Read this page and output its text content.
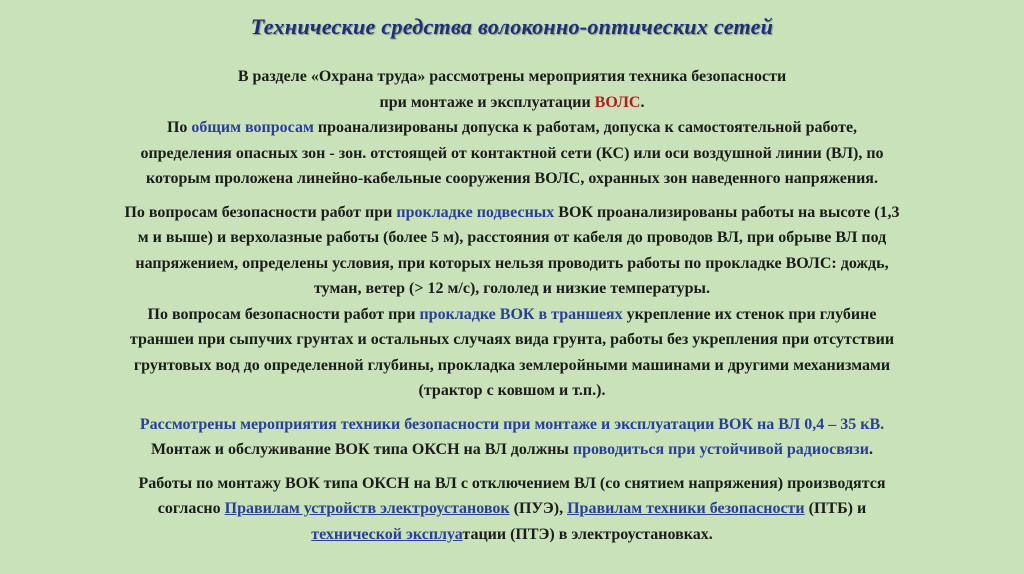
Технические средства волоконно-оптических сетей

В разделе «Охрана труда» рассмотрены мероприятия техника безопасности

при монтаже и эксплуатации ВОЛС.

По общим вопросам проанализированы допуска к работам, допуска к самостоятельной работе,

определения опасных зон - зон. отстоящей от контактной сети (КС) или оси воздушной линии (ВЛ), по

которым проложена линейно-кабельные сооружения ВОЛС, охранных зон наведенного напряжения.

По вопросам безопасности работ при прокладке подвесных ВОК проанализированы работы на высоте (1,3

м и выше) и верхолазные работы (более 5 м), расстояния от кабеля до проводов ВЛ, при обрыве ВЛ под

напряжением, определены условия, при которых нельзя проводить работы по прокладке ВОЛС: дождь,

туман, ветер (> 12 м/с), гололед и низкие температуры.

По вопросам безопасности работ при прокладке ВОК в траншеях укрепление их стенок при глубине

траншеи при сыпучих грунтах и остальных случаях вида грунта, работы без укрепления при отсутствии

грунтовых вод до определенной глубины, прокладка землеройными машинами и другими механизмами

(трактор с ковшом и т.п.).

Рассмотрены мероприятия техники безопасности при монтаже и эксплуатации ВОК на ВЛ 0,4 – 35 кВ.

Монтаж и обслуживание ВОК типа ОКСН на ВЛ должны проводиться при устойчивой радиосвязи.

Работы по монтажу ВОК типа ОКСН на ВЛ с отключением ВЛ (со снятием напряжения) производятся

согласно Правилам устройств электроустановок (ПУЭ), Правилам техники безопасности (ПТБ) и

технической эксплуатации (ПТЭ) в электроустановках.
